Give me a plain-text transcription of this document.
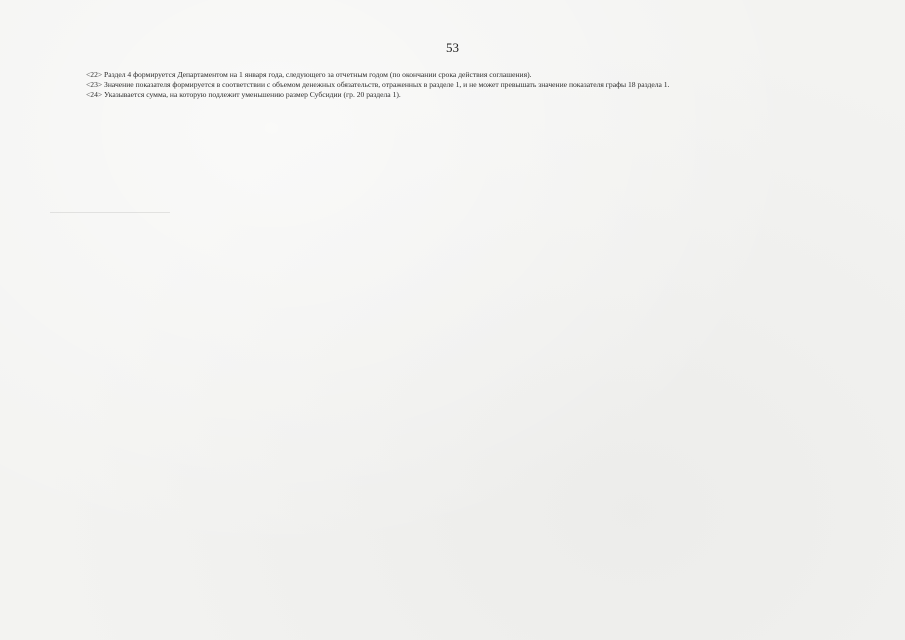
53

<22> Раздел 4 формируется Департаментом на 1 января года, следующего за отчетным годом (по окончании срока действия соглашения).

<23> Значение показателя формируется в соответствии с объемом денежных обязательств, отраженных в разделе 1, и не может превышать значение показателя графы 18 раздела 1.

<24> Указывается сумма, на которую подлежит уменьшению размер Субсидии (гр. 20 раздела 1).
